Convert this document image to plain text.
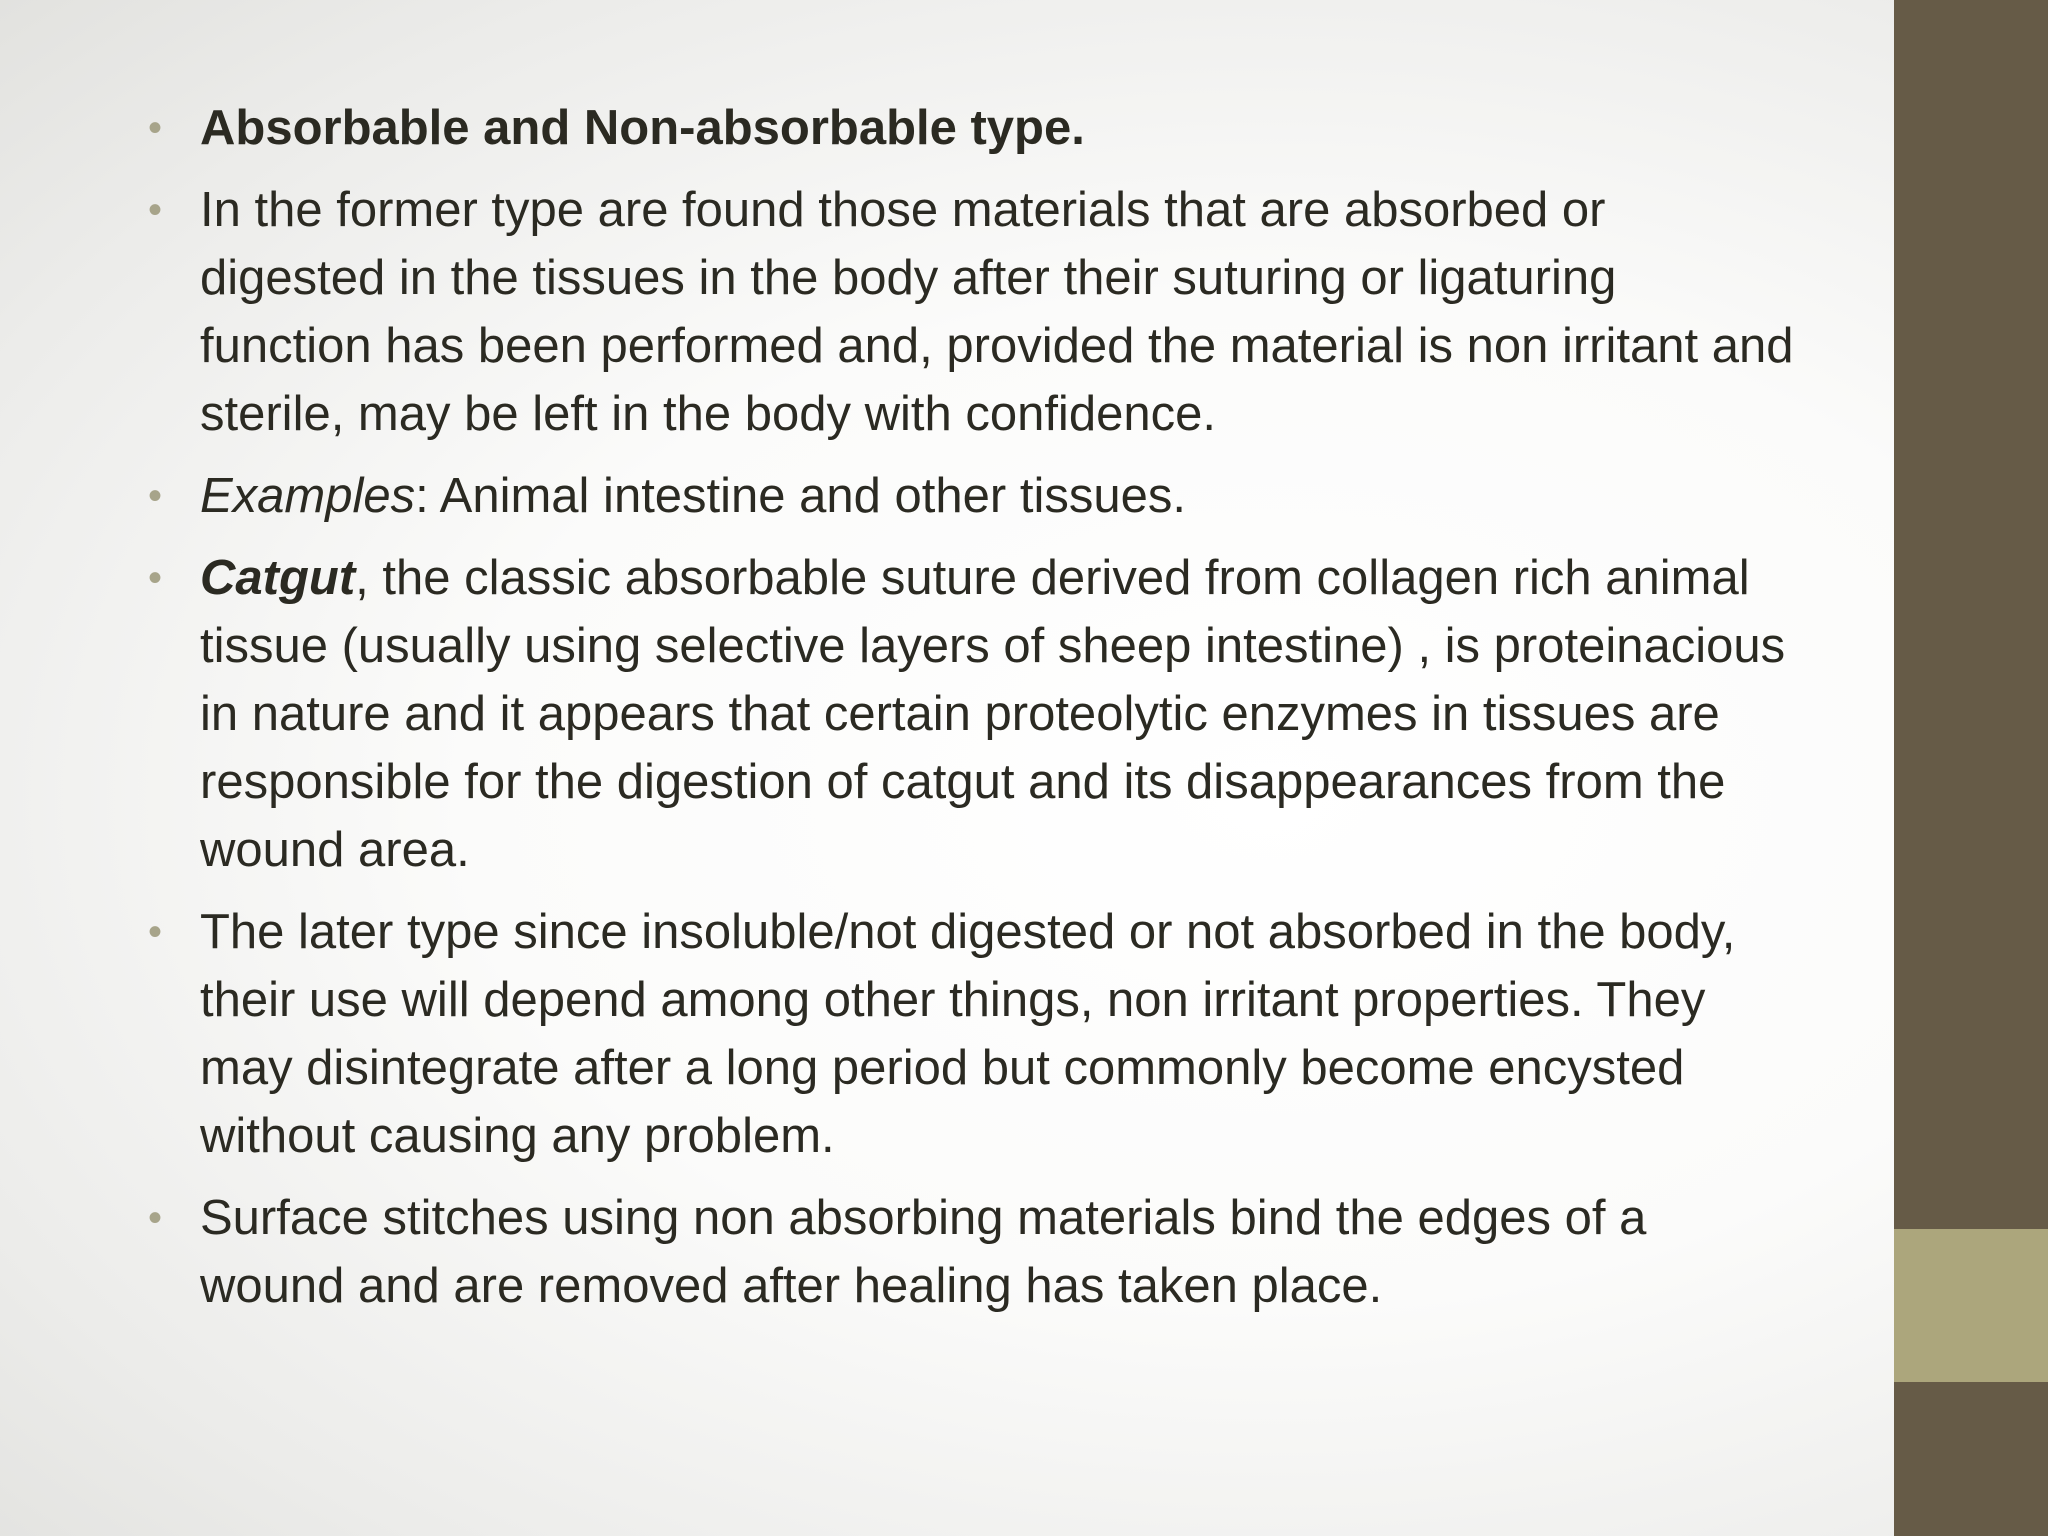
• Absorbable and Non-absorbable type.
• In the former type are found those materials that are absorbed or digested in the tissues in the body after their suturing or ligaturing function has been performed and, provided the material is non irritant and sterile, may be left in the body with confidence.
• Examples: Animal intestine and other tissues.
• Catgut, the classic absorbable suture derived from collagen rich animal tissue (usually using selective layers of sheep intestine) , is proteinacious in nature and it appears that certain proteolytic enzymes in tissues are responsible for the digestion of catgut and its disappearances from the wound area.
• The later type since insoluble/not digested or not absorbed in the body, their use will depend among other things, non irritant properties. They may disintegrate after a long period but commonly become encysted without causing any problem.
• Surface stitches using non absorbing materials bind the edges of a wound and are removed after healing has taken place.
